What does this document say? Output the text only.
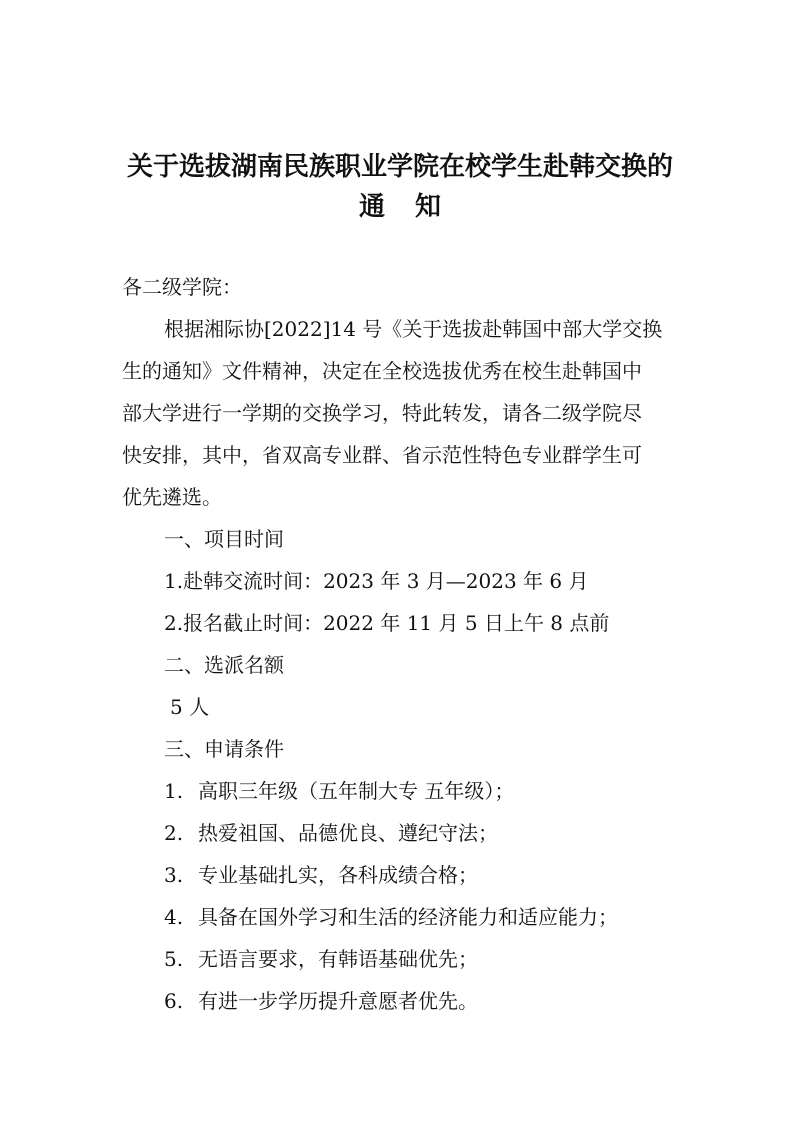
关于选拔湖南民族职业学院在校学生赴韩交换的
通知
各二级学院：
根据湘际协[2022]14 号《关于选拔赴韩国中部大学交换
生的通知》文件精神，决定在全校选拔优秀在校生赴韩国中
部大学进行一学期的交换学习，特此转发，请各二级学院尽
快安排，其中，省双高专业群、省示范性特色专业群学生可
优先遴选。
一、项目时间
1.赴韩交流时间：2023 年 3 月—2023 年 6 月
2.报名截止时间：2022 年 11 月 5 日上午 8 点前
二、选派名额
5 人
三、申请条件
1. 高职三年级（五年制大专 五年级）；
2. 热爱祖国、品德优良、遵纪守法；
3. 专业基础扎实，各科成绩合格；
4. 具备在国外学习和生活的经济能力和适应能力；
5. 无语言要求，有韩语基础优先；
6. 有进一步学历提升意愿者优先。
